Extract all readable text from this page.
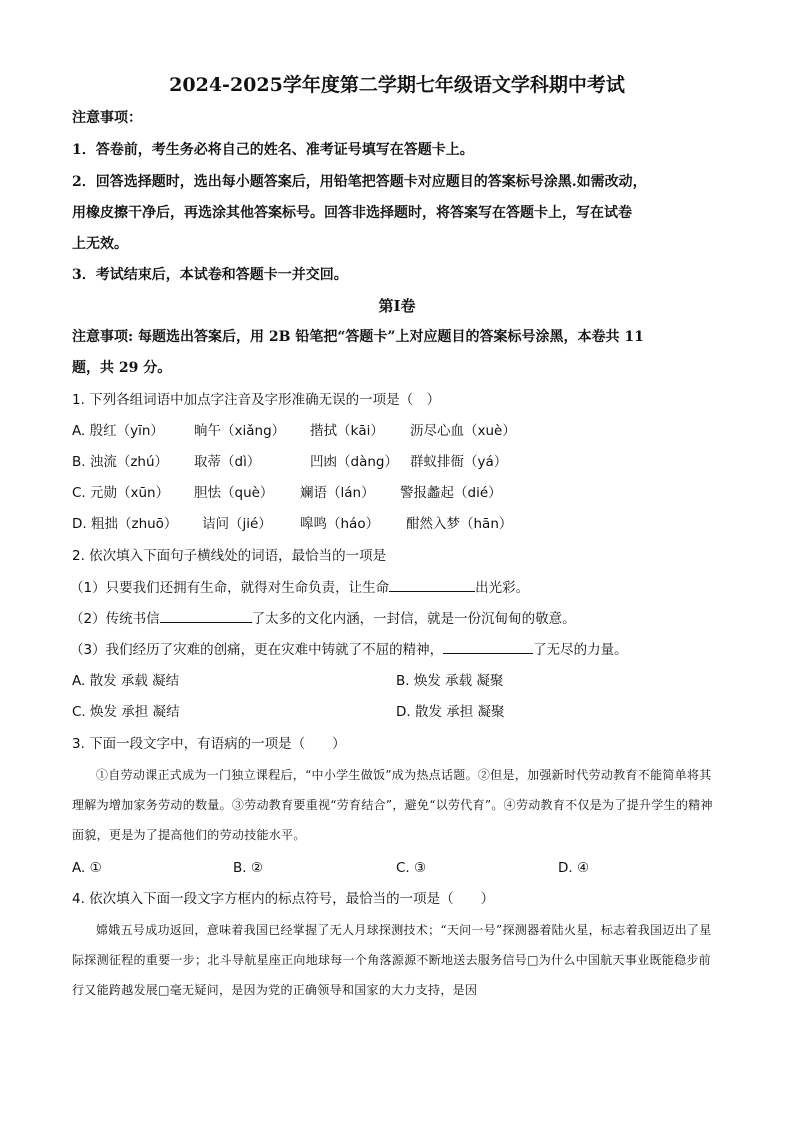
2024-2025学年度第二学期七年级语文学科期中考试
注意事项：
1．答卷前，考生务必将自己的姓名、准考证号填写在答题卡上。
2．回答选择题时，选出每小题答案后，用铅笔把答题卡对应题目的答案标号涂黑.如需改动，
用橡皮擦干净后，再选涂其他答案标号。回答非选择题时，将答案写在答题卡上，写在试卷
上无效。
3．考试结束后，本试卷和答题卡一并交回。
第Ⅰ卷
注意事项: 每题选出答案后，用 2B 铅笔把“答题卡”上对应题目的答案标号涂黑，本卷共 11
题，共 29 分。
1. 下列各组词语中加点字注音及字形准确无误的一项是（　）
A. 殷红（yīn） 晌午（xiǎng） 揩拭（kāi） 沥尽心血（xuè）
B. 浊流（zhú） 取蒂（dì）	凹凼（dàng） 群蚁排衙（yá）
C. 元勋（xūn） 胆怯（què） 斓语（lán） 警报蠡起（dié）
D. 粗拙（zhuō） 诘问（jié） 嗥鸣（háo） 酣然入梦（hān）
2. 依次填入下面句子横线处的词语，最恰当的一项是
（1）只要我们还拥有生命，就得对生命负责，让生命	出光彩。
（2）传统书信	了太多的文化内涵，一封信，就是一份沉甸甸的敬意。
（3）我们经历了灾难的创痛，更在灾难中铸就了不屈的精神，	了无尽的力量。
A. 散发 承载 凝结	B. 焕发 承载 凝聚
C. 焕发 承担 凝结	D. 散发 承担 凝聚
3. 下面一段文字中，有语病的一项是（　　）
①自劳动课正式成为一门独立课程后，“中小学生做饭”成为热点话题。②但是，加强新时代劳动教育不能简单将其理解为增加家务劳动的数量。③劳动教育要重视“劳育结合”，避免“以劳代育”。④劳动教育不仅是为了提升学生的精神面貌，更是为了提高他们的劳动技能水平。
A. ①	B. ②	C. ③	D. ④
4. 依次填入下面一段文字方框内的标点符号，最恰当的一项是（　　）
嫦娥五号成功返回，意味着我国已经掌握了无人月球探测技术；“天问一号”探测器着陆火星，标志着我国迈出了星际探测征程的重要一步；北斗导航星座正向地球每一个角落源源不断地送去服务信号□为什么中国航天事业既能稳步前行又能跨越发展□毫无疑问，是因为党的正确领导和国家的大力支持，是因
